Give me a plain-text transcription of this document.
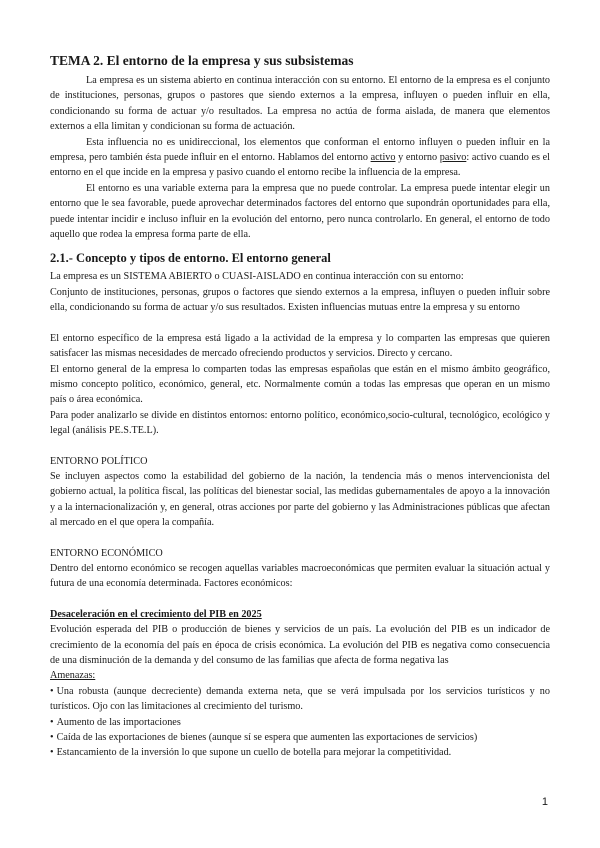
TEMA 2. El entorno de la empresa y sus subsistemas

La empresa es un sistema abierto en continua interacción con su entorno. El entorno de la empresa es el conjunto de instituciones, personas, grupos o pastores que siendo externos a la empresa, influyen o pueden influir en ella, condicionando su forma de actuar y/o resultados. La empresa no actúa de forma aislada, de manera que elementos externos a ella limitan y condicionan su forma de actuación.

Esta influencia no es unidireccional, los elementos que conforman el entorno influyen o pueden influir en la empresa, pero también ésta puede influir en el entorno. Hablamos del entorno activo y entorno pasivo: activo cuando es el entorno en el que incide en la empresa y pasivo cuando el entorno recibe la influencia de la empresa.

El entorno es una variable externa para la empresa que no puede controlar. La empresa puede intentar elegir un entorno que le sea favorable, puede aprovechar determinados factores del entorno que supondrán oportunidades para ella, puede intentar incidir e incluso influir en la evolución del entorno, pero nunca controlarlo. En general, el entorno de todo aquello que rodea la empresa forma parte de ella.

2.1.- Concepto y tipos de entorno. El entorno general

La empresa es un SISTEMA ABIERTO o CUASI-AISLADO en continua interacción con su entorno:

Conjunto de instituciones, personas, grupos o factores que siendo externos a la empresa, influyen o pueden influir sobre ella, condicionando su forma de actuar y/o sus resultados. Existen influencias mutuas entre la empresa y su entorno

El entorno específico de la empresa está ligado a la actividad de la empresa y lo comparten las empresas que quieren satisfacer las mismas necesidades de mercado ofreciendo productos y servicios. Directo y cercano.

El entorno general de la empresa lo comparten todas las empresas españolas que están en el mismo ámbito geográfico, mismo concepto político, económico, general, etc. Normalmente común a todas las empresas que operan en un mismo país o área económica.

Para poder analizarlo se divide en distintos entornos: entorno político, económico,socio-cultural, tecnológico, ecológico y legal (análisis PE.S.TE.L).

ENTORNO POLÍTICO

Se incluyen aspectos como la estabilidad del gobierno de la nación, la tendencia más o menos intervencionista del gobierno actual, la política fiscal, las políticas del bienestar social, las medidas gubernamentales de apoyo a la innovación y a la internacionalización y, en general, otras acciones por parte del gobierno y las Administraciones públicas que afectan al mercado en el que opera la compañía.

ENTORNO ECONÓMICO

Dentro del entorno económico se recogen aquellas variables macroeconómicas que permiten evaluar la situación actual y futura de una economía determinada. Factores económicos:

Desaceleración en el crecimiento del PIB en 2025

Evolución esperada del PIB o producción de bienes y servicios de un país. La evolución del PIB es un indicador de crecimiento de la economía del país en época de crisis económica. La evolución del PIB es negativa como consecuencia de una disminución de la demanda y del consumo de las familias que afecta de forma negativa las

Amenazas:

• Una robusta (aunque decreciente) demanda externa neta, que se verá impulsada por los servicios turísticos y no turísticos. Ojo con las limitaciones al crecimiento del turismo.
• Aumento de las importaciones
• Caída de las exportaciones de bienes (aunque sí se espera que aumenten las exportaciones de servicios)
• Estancamiento de la inversión lo que supone un cuello de botella para mejorar la competitividad.
1
